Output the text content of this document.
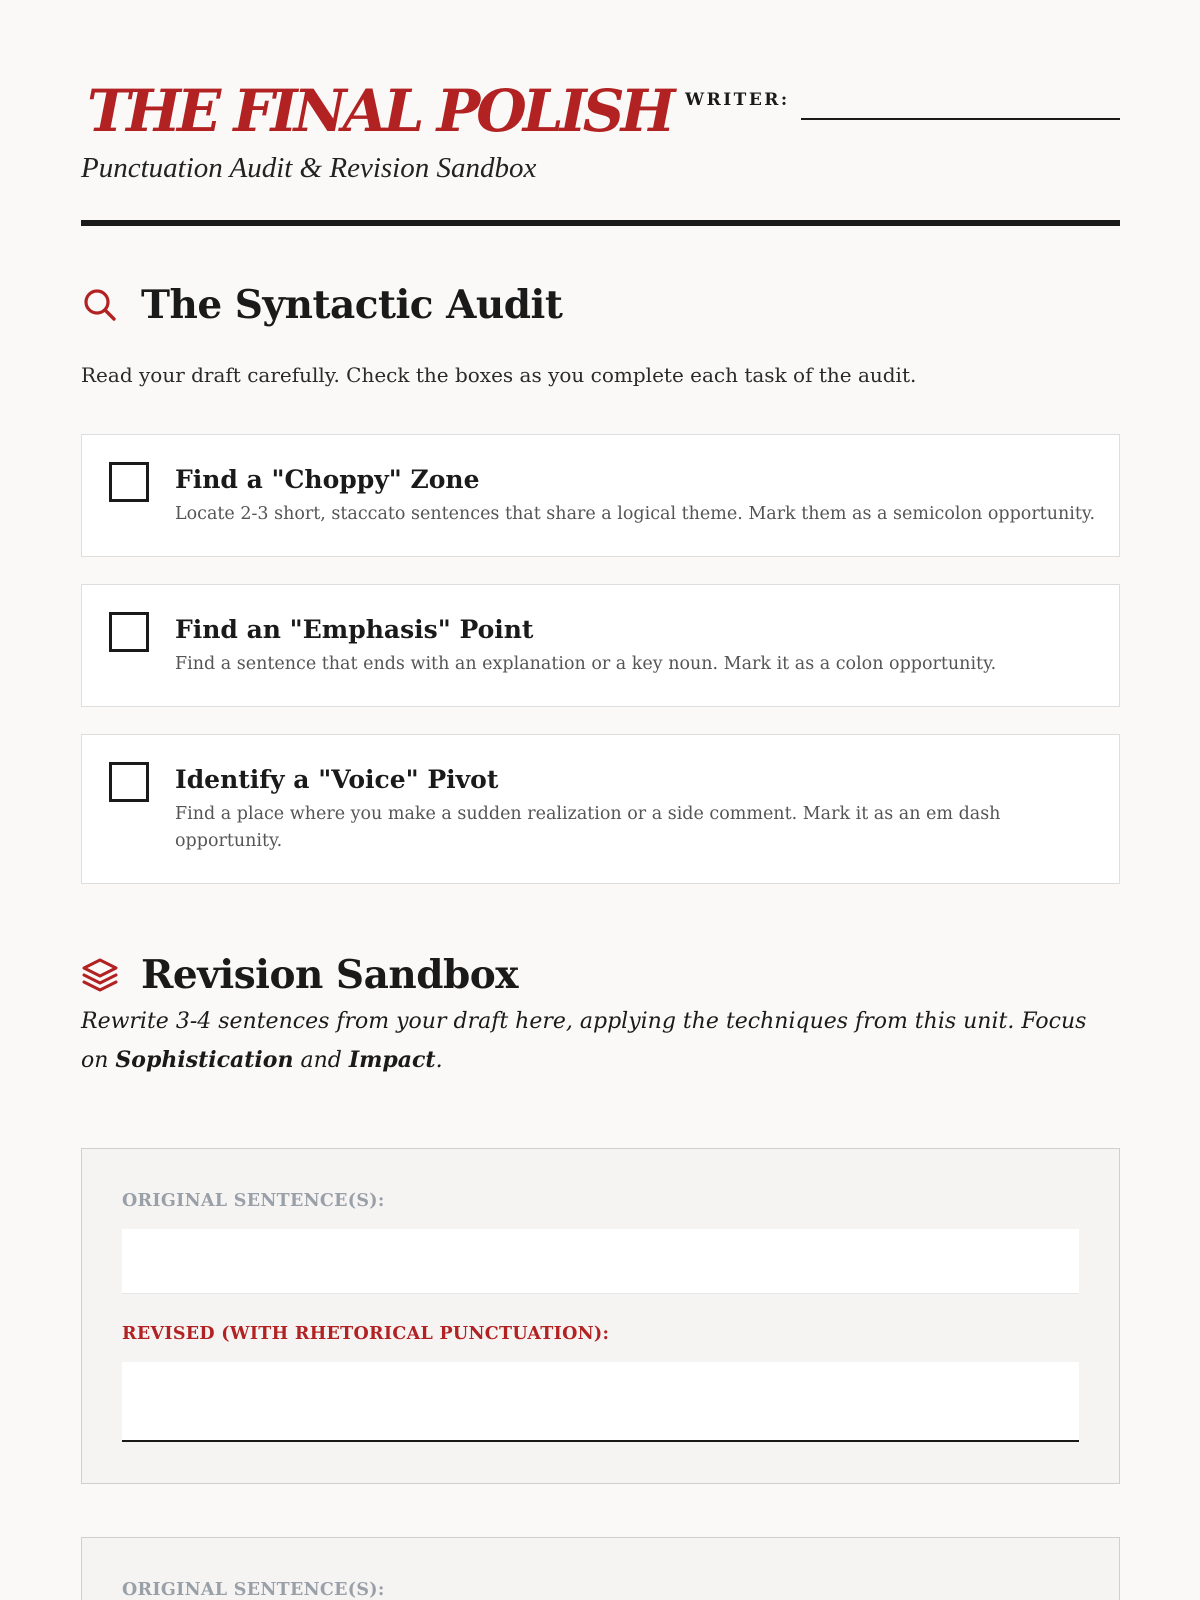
THE FINAL POLISH
Punctuation Audit & Revision Sandbox
WRITER:
The Syntactic Audit
Read your draft carefully. Check the boxes as you complete each task of the audit.
Find a "Choppy" Zone
Locate 2-3 short, staccato sentences that share a logical theme. Mark them as a semicolon opportunity.
Find an "Emphasis" Point
Find a sentence that ends with an explanation or a key noun. Mark it as a colon opportunity.
Identify a "Voice" Pivot
Find a place where you make a sudden realization or a side comment. Mark it as an em dash opportunity.
Revision Sandbox
Rewrite 3-4 sentences from your draft here, applying the techniques from this unit. Focus on Sophistication and Impact.
ORIGINAL SENTENCE(S):
REVISED (WITH RHETORICAL PUNCTUATION):
ORIGINAL SENTENCE(S):
